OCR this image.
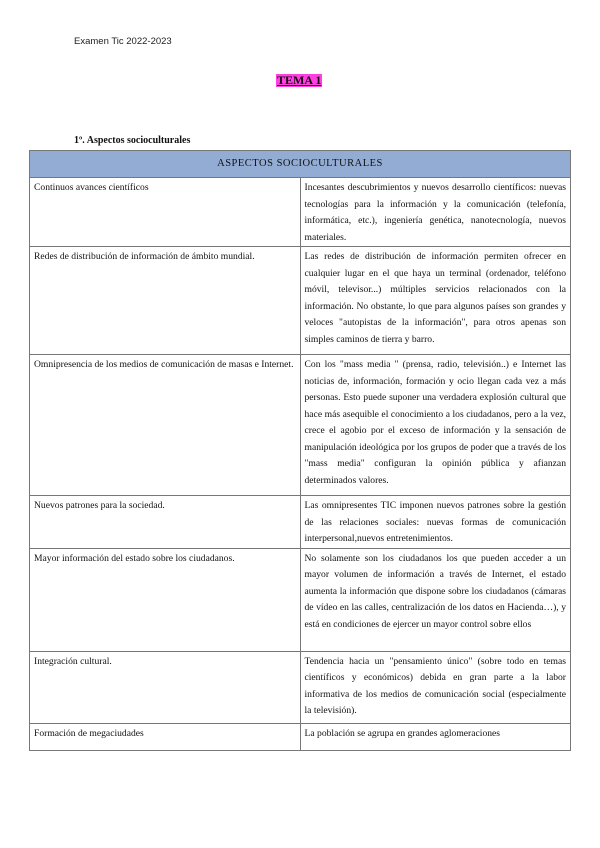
Examen Tic 2022-2023
TEMA 1
1º. Aspectos socioculturales
ASPECTOS SOCIOCULTURALES	
Continuos avances científicos	Incesantes descubrimientos y nuevos desarrollo científicos: nuevas tecnologías para la información y la comunicación (telefonía, informática, etc.), ingeniería genética, nanotecnología, nuevos materiales.
Redes de distribución de información de ámbito mundial.	Las redes de distribución de información permiten ofrecer en cualquier lugar en el que haya un terminal (ordenador, teléfono móvil, televisor...) múltiples servicios relacionados con la información. No obstante, lo que para algunos países son grandes y veloces "autopistas de la información", para otros apenas son simples caminos de tierra y barro.
Omnipresencia de los medios de comunicación de masas e Internet.	Con los "mass media " (prensa, radio, televisión..) e Internet las noticias de, información, formación y ocio llegan cada vez a más personas. Esto puede suponer una verdadera explosión cultural que hace más asequible el conocimiento a los ciudadanos, pero a la vez, crece el agobio por el exceso de información y la sensación de manipulación ideológica por los grupos de poder que a través de los "mass media" configuran la opinión pública y afianzan determinados valores.
Nuevos patrones para la sociedad.	Las omnipresentes TIC imponen nuevos patrones sobre la gestión de las relaciones sociales: nuevas formas de comunicación interpersonal,nuevos entretenimientos.
Mayor información del estado sobre los ciudadanos.	No solamente son los ciudadanos los que pueden acceder a un mayor volumen de información a través de Internet, el estado aumenta la información que dispone sobre los ciudadanos (cámaras de vídeo en las calles, centralización de los datos en Hacienda…), y está en condiciones de ejercer un mayor control sobre ellos
Integración cultural.	Tendencia hacia un "pensamiento único" (sobre todo en temas científicos y económicos) debida en gran parte a la labor informativa de los medios de comunicación social (especialmente la televisión).
Formación de megaciudades	La población se agrupa en grandes aglomeraciones
